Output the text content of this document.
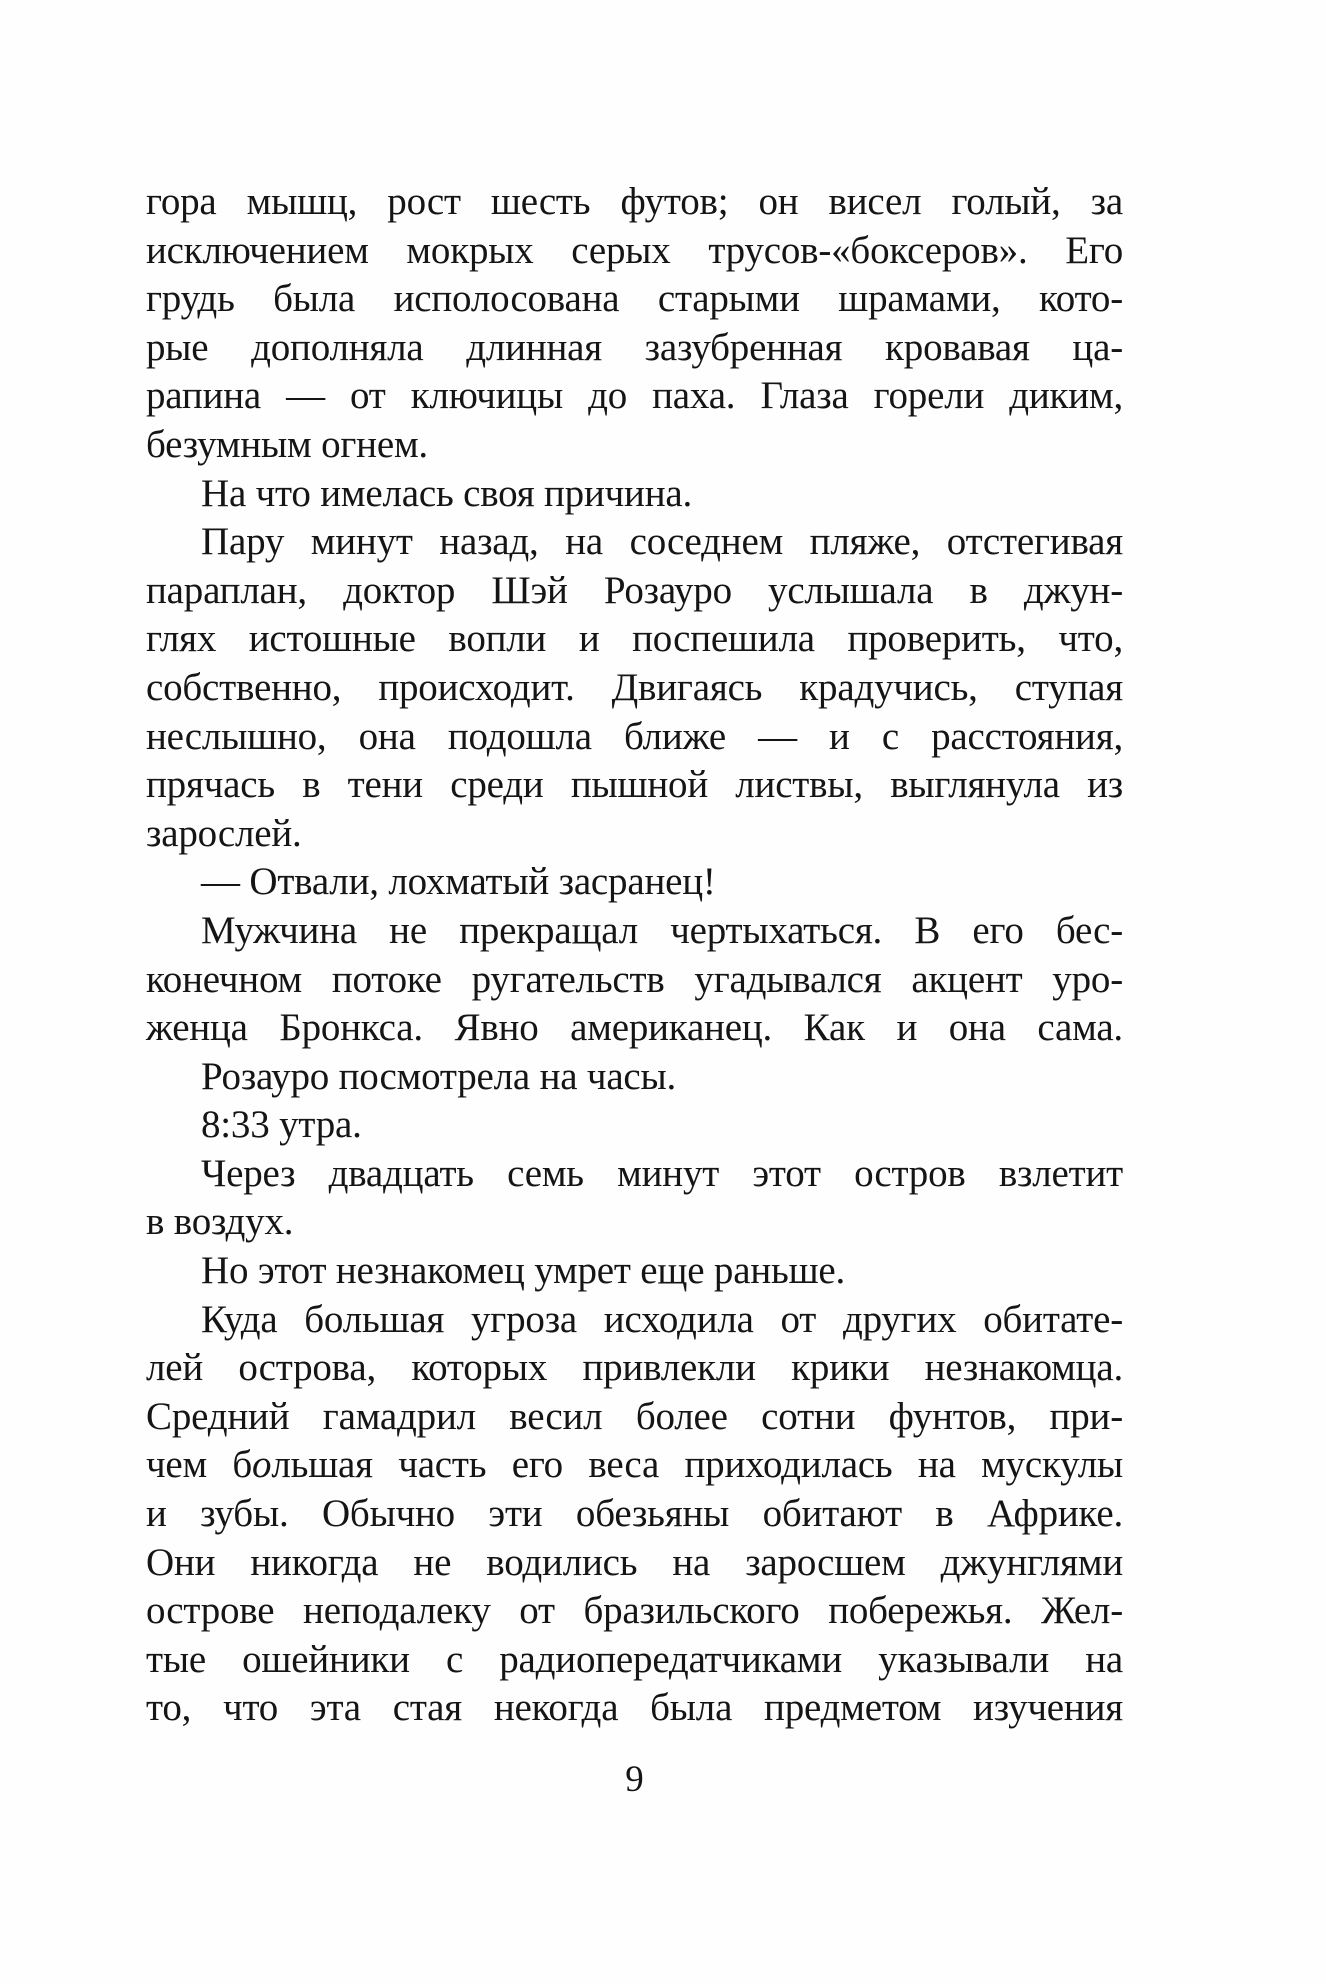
гора мышц, рост шесть футов; он висел голый, за
исключением мокрых серых трусов-«боксеров». Его
грудь была исполосована старыми шрамами, кото-
рые дополняла длинная зазубренная кровавая ца-
рапина — от ключицы до паха. Глаза горели диким,
безумным огнем.
На что имелась своя причина.
Пару минут назад, на соседнем пляже, отстегивая
параплан, доктор Шэй Розауро услышала в джун-
глях истошные вопли и поспешила проверить, что,
собственно, происходит. Двигаясь крадучись, ступая
неслышно, она подошла ближе — и с расстояния,
прячась в тени среди пышной листвы, выглянула из
зарослей.
— Отвали, лохматый засранец!
Мужчина не прекращал чертыхаться. В его бес-
конечном потоке ругательств угадывался акцент уро-
женца Бронкса. Явно американец. Как и она сама.
Розауро посмотрела на часы.
8:33 утра.
Через двадцать семь минут этот остров взлетит
в воздух.
Но этот незнакомец умрет еще раньше.
Куда большая угроза исходила от других обитате-
лей острова, которых привлекли крики незнакомца.
Средний гамадрил весил более сотни фунтов, при-
чем большая часть его веса приходилась на мускулы
и зубы. Обычно эти обезьяны обитают в Африке.
Они никогда не водились на заросшем джунглями
острове неподалеку от бразильского побережья. Жел-
тые ошейники с радиопередатчиками указывали на
то, что эта стая некогда была предметом изучения
9
